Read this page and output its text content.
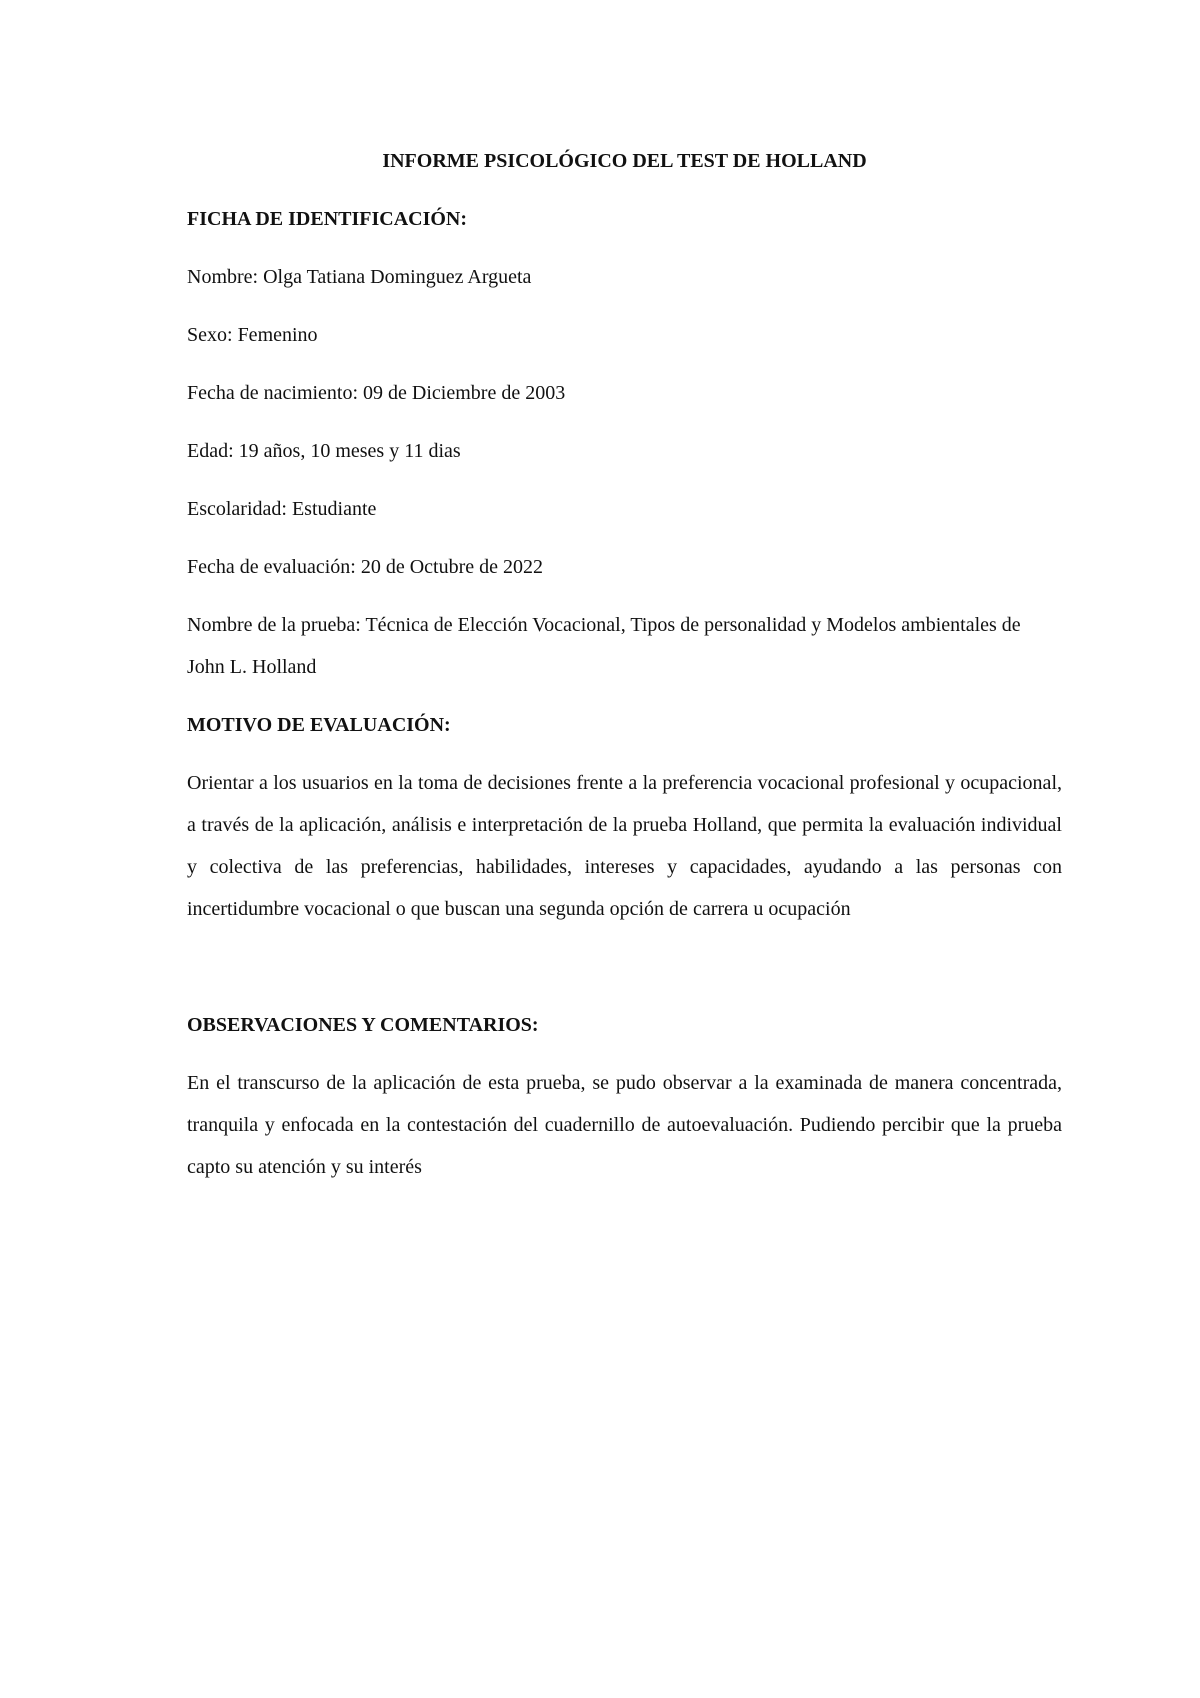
INFORME PSICOLÓGICO DEL TEST DE HOLLAND
FICHA DE IDENTIFICACIÓN:
Nombre: Olga Tatiana Dominguez Argueta
Sexo: Femenino
Fecha de nacimiento: 09 de Diciembre de 2003
Edad: 19 años, 10 meses y 11 dias
Escolaridad: Estudiante
Fecha de evaluación: 20 de Octubre de 2022
Nombre de la prueba: Técnica de Elección Vocacional, Tipos de personalidad y Modelos ambientales de John L. Holland
MOTIVO DE EVALUACIÓN:
Orientar a los usuarios en la toma de decisiones frente a la preferencia vocacional profesional y ocupacional, a través de la aplicación, análisis e interpretación de la prueba Holland, que permita la evaluación individual y colectiva de las preferencias, habilidades, intereses y capacidades, ayudando a las personas con incertidumbre vocacional o que buscan una segunda opción de carrera u ocupación
OBSERVACIONES Y COMENTARIOS:
En el transcurso de la aplicación de esta prueba, se pudo observar a la examinada de manera concentrada, tranquila y enfocada en la contestación del cuadernillo de autoevaluación. Pudiendo percibir que la prueba capto su atención y su interés
